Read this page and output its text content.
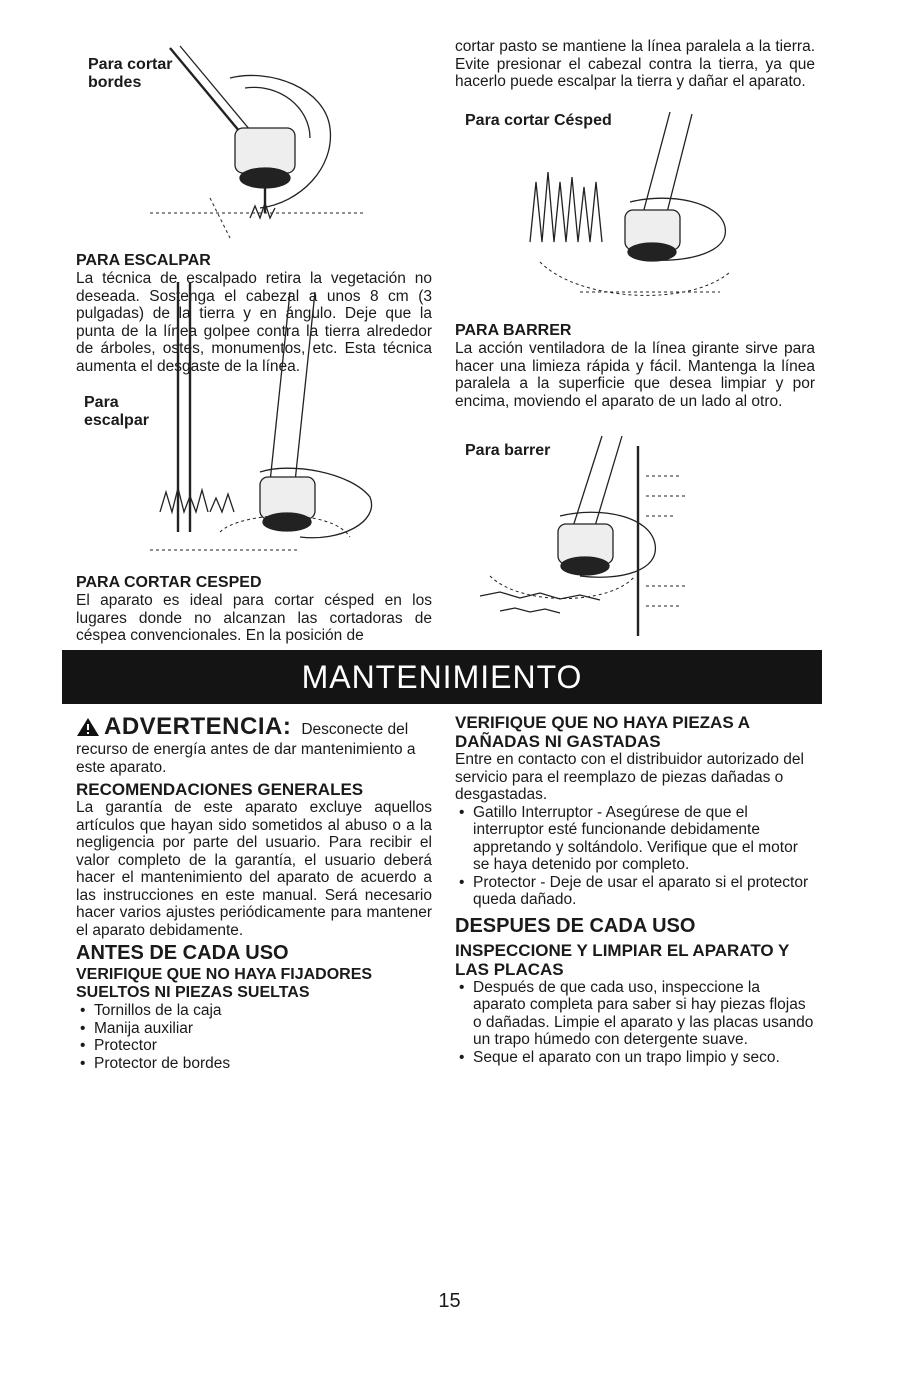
Para cortar
bordes

PARA ESCALPAR

La técnica de escalpado retira la vegetación no deseada. Sostenga el cabezal a unos 8 cm (3 pulgadas) de la tierra y en ángulo. Deje que la punta de la línea golpee contra la tierra alrededor de árboles, ostes, monumentos, etc. Esta técnica aumenta el desgaste de la línea.

Para
escalpar

PARA CORTAR CESPED

El aparato es ideal para cortar césped en los lugares donde no alcanzan las cortadoras de céspea convencionales. En la posición de

cortar pasto se mantiene la línea paralela a la tierra. Evite presionar el cabezal contra la tierra, ya que hacerlo puede escalpar la tierra y dañar el aparato.

Para cortar Césped

PARA BARRER

La acción ventiladora de la línea girante sirve para hacer una limieza rápida y fácil. Mantenga la línea paralela a la superficie que desea limpiar y por encima, moviendo el aparato de un lado al otro.

Para barrer
MANTENIMIENTO
ADVERTENCIA: Desconecte del

recurso de energía antes de dar mantenimiento a este aparato.

RECOMENDACIONES GENERALES

La garantía de este aparato excluye aquellos artículos que hayan sido sometidos al abuso o a la negligencia por parte del usuario. Para recibir el valor completo de la garantía, el usuario deberá hacer el mantenimiento del aparato de acuerdo a las instrucciones en este manual. Será necesario hacer varios ajustes periódicamente para mantener el aparato debidamente.

ANTES DE CADA USO

VERIFIQUE QUE NO HAYA FIJADORES SUELTOS NI PIEZAS SUELTAS

• Tornillos de la caja
• Manija auxiliar
• Protector
• Protector de bordes

VERIFIQUE QUE NO HAYA PIEZAS A DAÑADAS NI GASTADAS

Entre en contacto con el distribuidor autorizado del servicio para el reemplazo de piezas dañadas o desgastadas.

• Gatillo Interruptor - Asegúrese de que el interruptor esté funcionande debidamente appretando y soltándolo. Verifique que el motor se haya detenido por completo.
• Protector - Deje de usar el aparato si el protector queda dañado.

DESPUES DE CADA USO

INSPECCIONE Y LIMPIAR EL APARATO Y LAS PLACAS

• Después de que cada uso, inspeccione la aparato completa para saber si hay piezas flojas o dañadas. Limpie el aparato y las placas usando un trapo húmedo con detergente suave.
• Seque el aparato con un trapo limpio y seco.
15
